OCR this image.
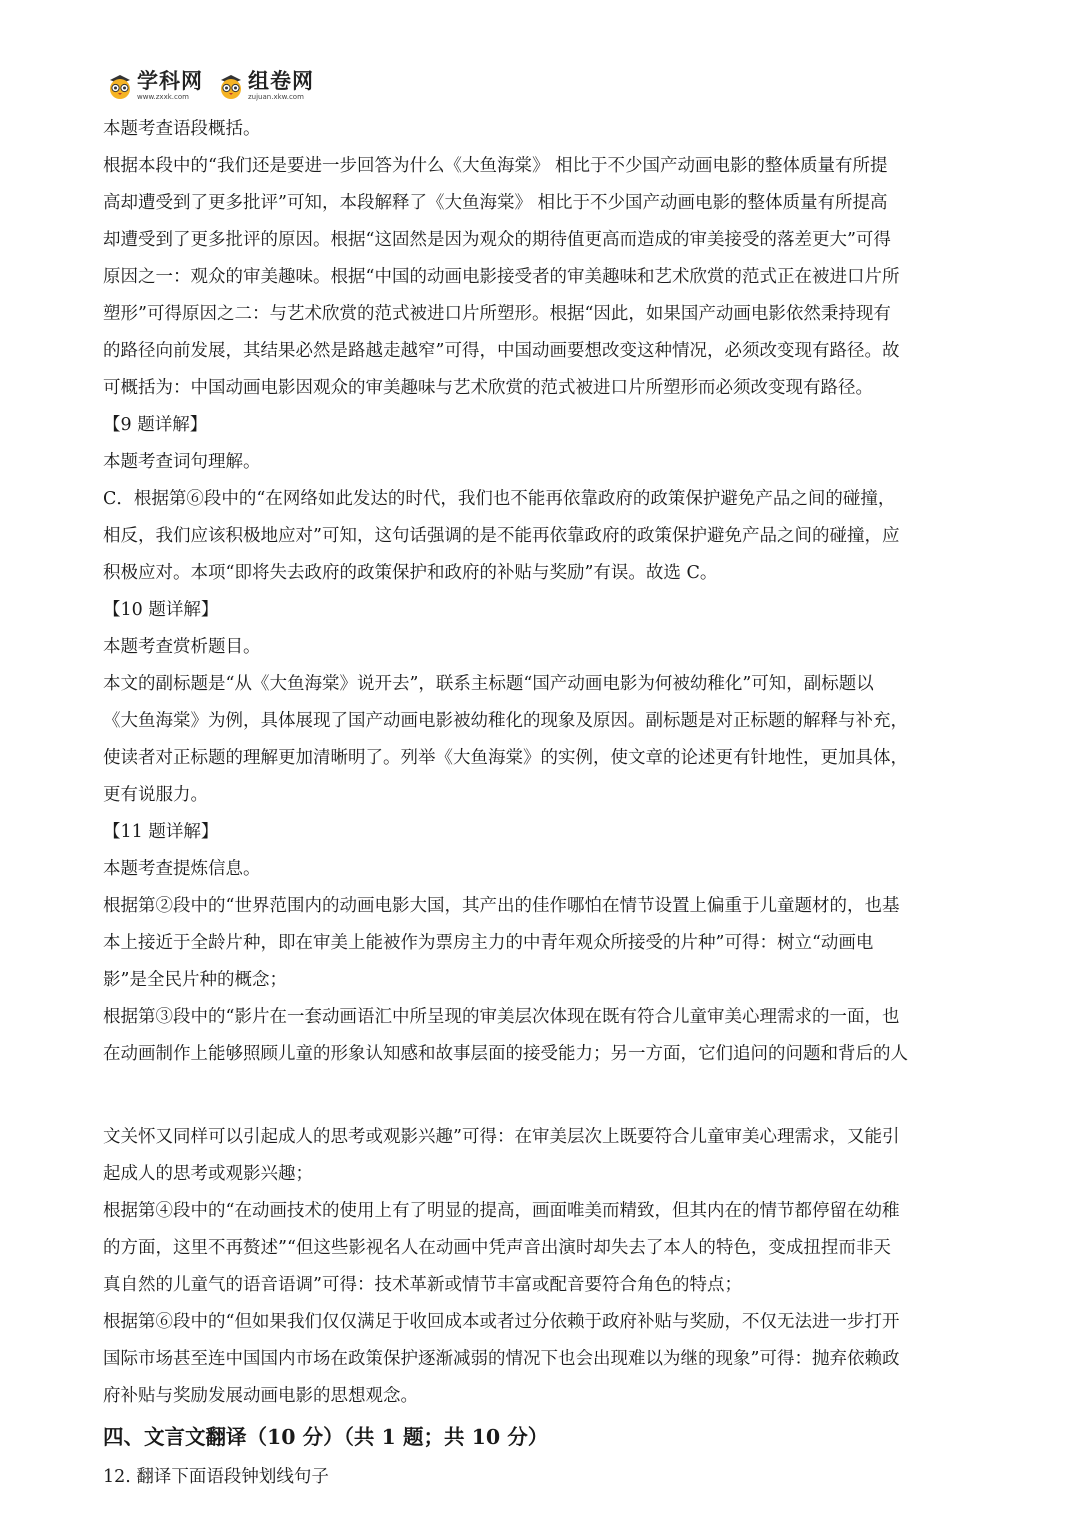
学科网
www.zxxk.com
组卷网
zujuan.xkw.com
本题考查语段概括。
根据本段中的“我们还是要进一步回答为什么《大鱼海棠》 相比于不少国产动画电影的整体质量有所提
高却遭受到了更多批评”可知，本段解释了《大鱼海棠》 相比于不少国产动画电影的整体质量有所提高
却遭受到了更多批评的原因。根据“这固然是因为观众的期待值更高而造成的审美接受的落差更大”可得
原因之一：观众的审美趣味。根据“中国的动画电影接受者的审美趣味和艺术欣赏的范式正在被进口片所
塑形”可得原因之二：与艺术欣赏的范式被进口片所塑形。根据“因此，如果国产动画电影依然秉持现有
的路径向前发展，其结果必然是路越走越窄”可得，中国动画要想改变这种情况，必须改变现有路径。故
可概括为：中国动画电影因观众的审美趣味与艺术欣赏的范式被进口片所塑形而必须改变现有路径。
【9 题详解】
本题考查词句理解。
C．根据第⑥段中的“在网络如此发达的时代，我们也不能再依靠政府的政策保护避免产品之间的碰撞，
相反，我们应该积极地应对”可知，这句话强调的是不能再依靠政府的政策保护避免产品之间的碰撞，应
积极应对。本项“即将失去政府的政策保护和政府的补贴与奖励”有误。故选 C。
【10 题详解】
本题考查赏析题目。
本文的副标题是“从《大鱼海棠》说开去”，联系主标题“国产动画电影为何被幼稚化”可知，副标题以
《大鱼海棠》为例，具体展现了国产动画电影被幼稚化的现象及原因。副标题是对正标题的解释与补充，
使读者对正标题的理解更加清晰明了。列举《大鱼海棠》的实例，使文章的论述更有针地性，更加具体，
更有说服力。
【11 题详解】
本题考查提炼信息。
根据第②段中的“世界范围内的动画电影大国，其产出的佳作哪怕在情节设置上偏重于儿童题材的，也基
本上接近于全龄片种，即在审美上能被作为票房主力的中青年观众所接受的片种”可得：树立“动画电
影”是全民片种的概念；
根据第③段中的“影片在一套动画语汇中所呈现的审美层次体现在既有符合儿童审美心理需求的一面，也
在动画制作上能够照顾儿童的形象认知感和故事层面的接受能力；另一方面，它们追问的问题和背后的人
文关怀又同样可以引起成人的思考或观影兴趣”可得：在审美层次上既要符合儿童审美心理需求，又能引
起成人的思考或观影兴趣；
根据第④段中的“在动画技术的使用上有了明显的提高，画面唯美而精致，但其内在的情节都停留在幼稚
的方面，这里不再赘述”“但这些影视名人在动画中凭声音出演时却失去了本人的特色，变成扭捏而非天
真自然的儿童气的语音语调”可得：技术革新或情节丰富或配音要符合角色的特点；
根据第⑥段中的“但如果我们仅仅满足于收回成本或者过分依赖于政府补贴与奖励，不仅无法进一步打开
国际市场甚至连中国国内市场在政策保护逐渐减弱的情况下也会出现难以为继的现象”可得：抛弃依赖政
府补贴与奖励发展动画电影的思想观念。
四、文言文翻译（10 分）（共 1 题；共 10 分）
12. 翻译下面语段钟划线句子
